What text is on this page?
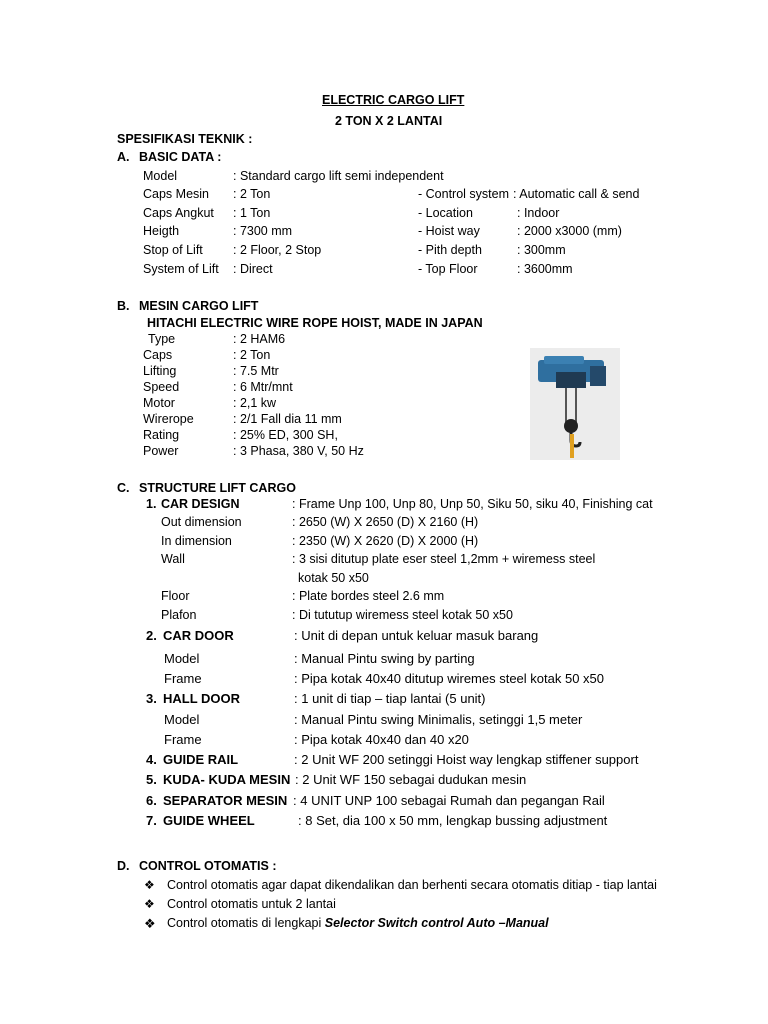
ELECTRIC CARGO LIFT
2 TON X 2 LANTAI
SPESIFIKASI TEKNIK :
A. BASIC DATA :
Model	: Standard cargo lift semi independent
Caps Mesin : 2 Ton
Caps Angkut : 1 Ton
Heigth	: 7300 mm
Stop of Lift : 2 Floor, 2 Stop
System of Lift : Direct
- Control system : Automatic call & send
- Location	: Indoor
- Hoist way	: 2000 x3000 (mm)
- Pith depth	: 300mm
- Top Floor	: 3600mm
B. MESIN CARGO LIFT
HITACHI ELECTRIC WIRE ROPE HOIST, MADE IN JAPAN
Type	: 2 HAM6
Caps	: 2 Ton
Lifting	: 7.5 Mtr
Speed	: 6 Mtr/mnt
Motor	: 2,1 kw
Wirerope	: 2/1 Fall dia 11 mm
Rating	: 25% ED, 300 SH,
Power	: 3 Phasa, 380 V, 50 Hz
C. STRUCTURE LIFT CARGO
1. CAR DESIGN	: Frame Unp 100, Unp 80, Unp 50, Siku 50, siku 40, Finishing cat
Out dimension	: 2650 (W) X 2650 (D) X 2160 (H)
In dimension	: 2350 (W) X 2620 (D) X 2000 (H)
Wall	: 3 sisi ditutup plate eser steel 1,2mm + wiremess steel
kotak 50 x50
Floor	: Plate bordes steel 2.6 mm
Plafon	: Di tututup wiremess steel kotak 50 x50
2. CAR DOOR	: Unit di depan untuk keluar masuk barang
Model	: Manual Pintu swing by parting
Frame	: Pipa kotak 40x40 ditutup wiremes steel kotak 50 x50
3. HALL DOOR	: 1 unit di tiap – tiap lantai (5 unit)
Model	: Manual Pintu swing Minimalis, setinggi 1,5 meter
Frame	: Pipa kotak 40x40 dan 40 x20
4. GUIDE RAIL	: 2 Unit WF 200 setinggi Hoist way lengkap stiffener support
5. KUDA- KUDA MESIN : 2 Unit WF 150 sebagai dudukan mesin
6. SEPARATOR MESIN : 4 UNIT UNP 100 sebagai Rumah dan pegangan Rail
7. GUIDE WHEEL	: 8 Set, dia 100 x 50 mm, lengkap bussing adjustment
D. CONTROL OTOMATIS :
❖ Control otomatis agar dapat dikendalikan dan berhenti secara otomatis ditiap - tiap lantai
❖ Control otomatis untuk 2 lantai
❖ Control otomatis di lengkapi Selector Switch control Auto –Manual
